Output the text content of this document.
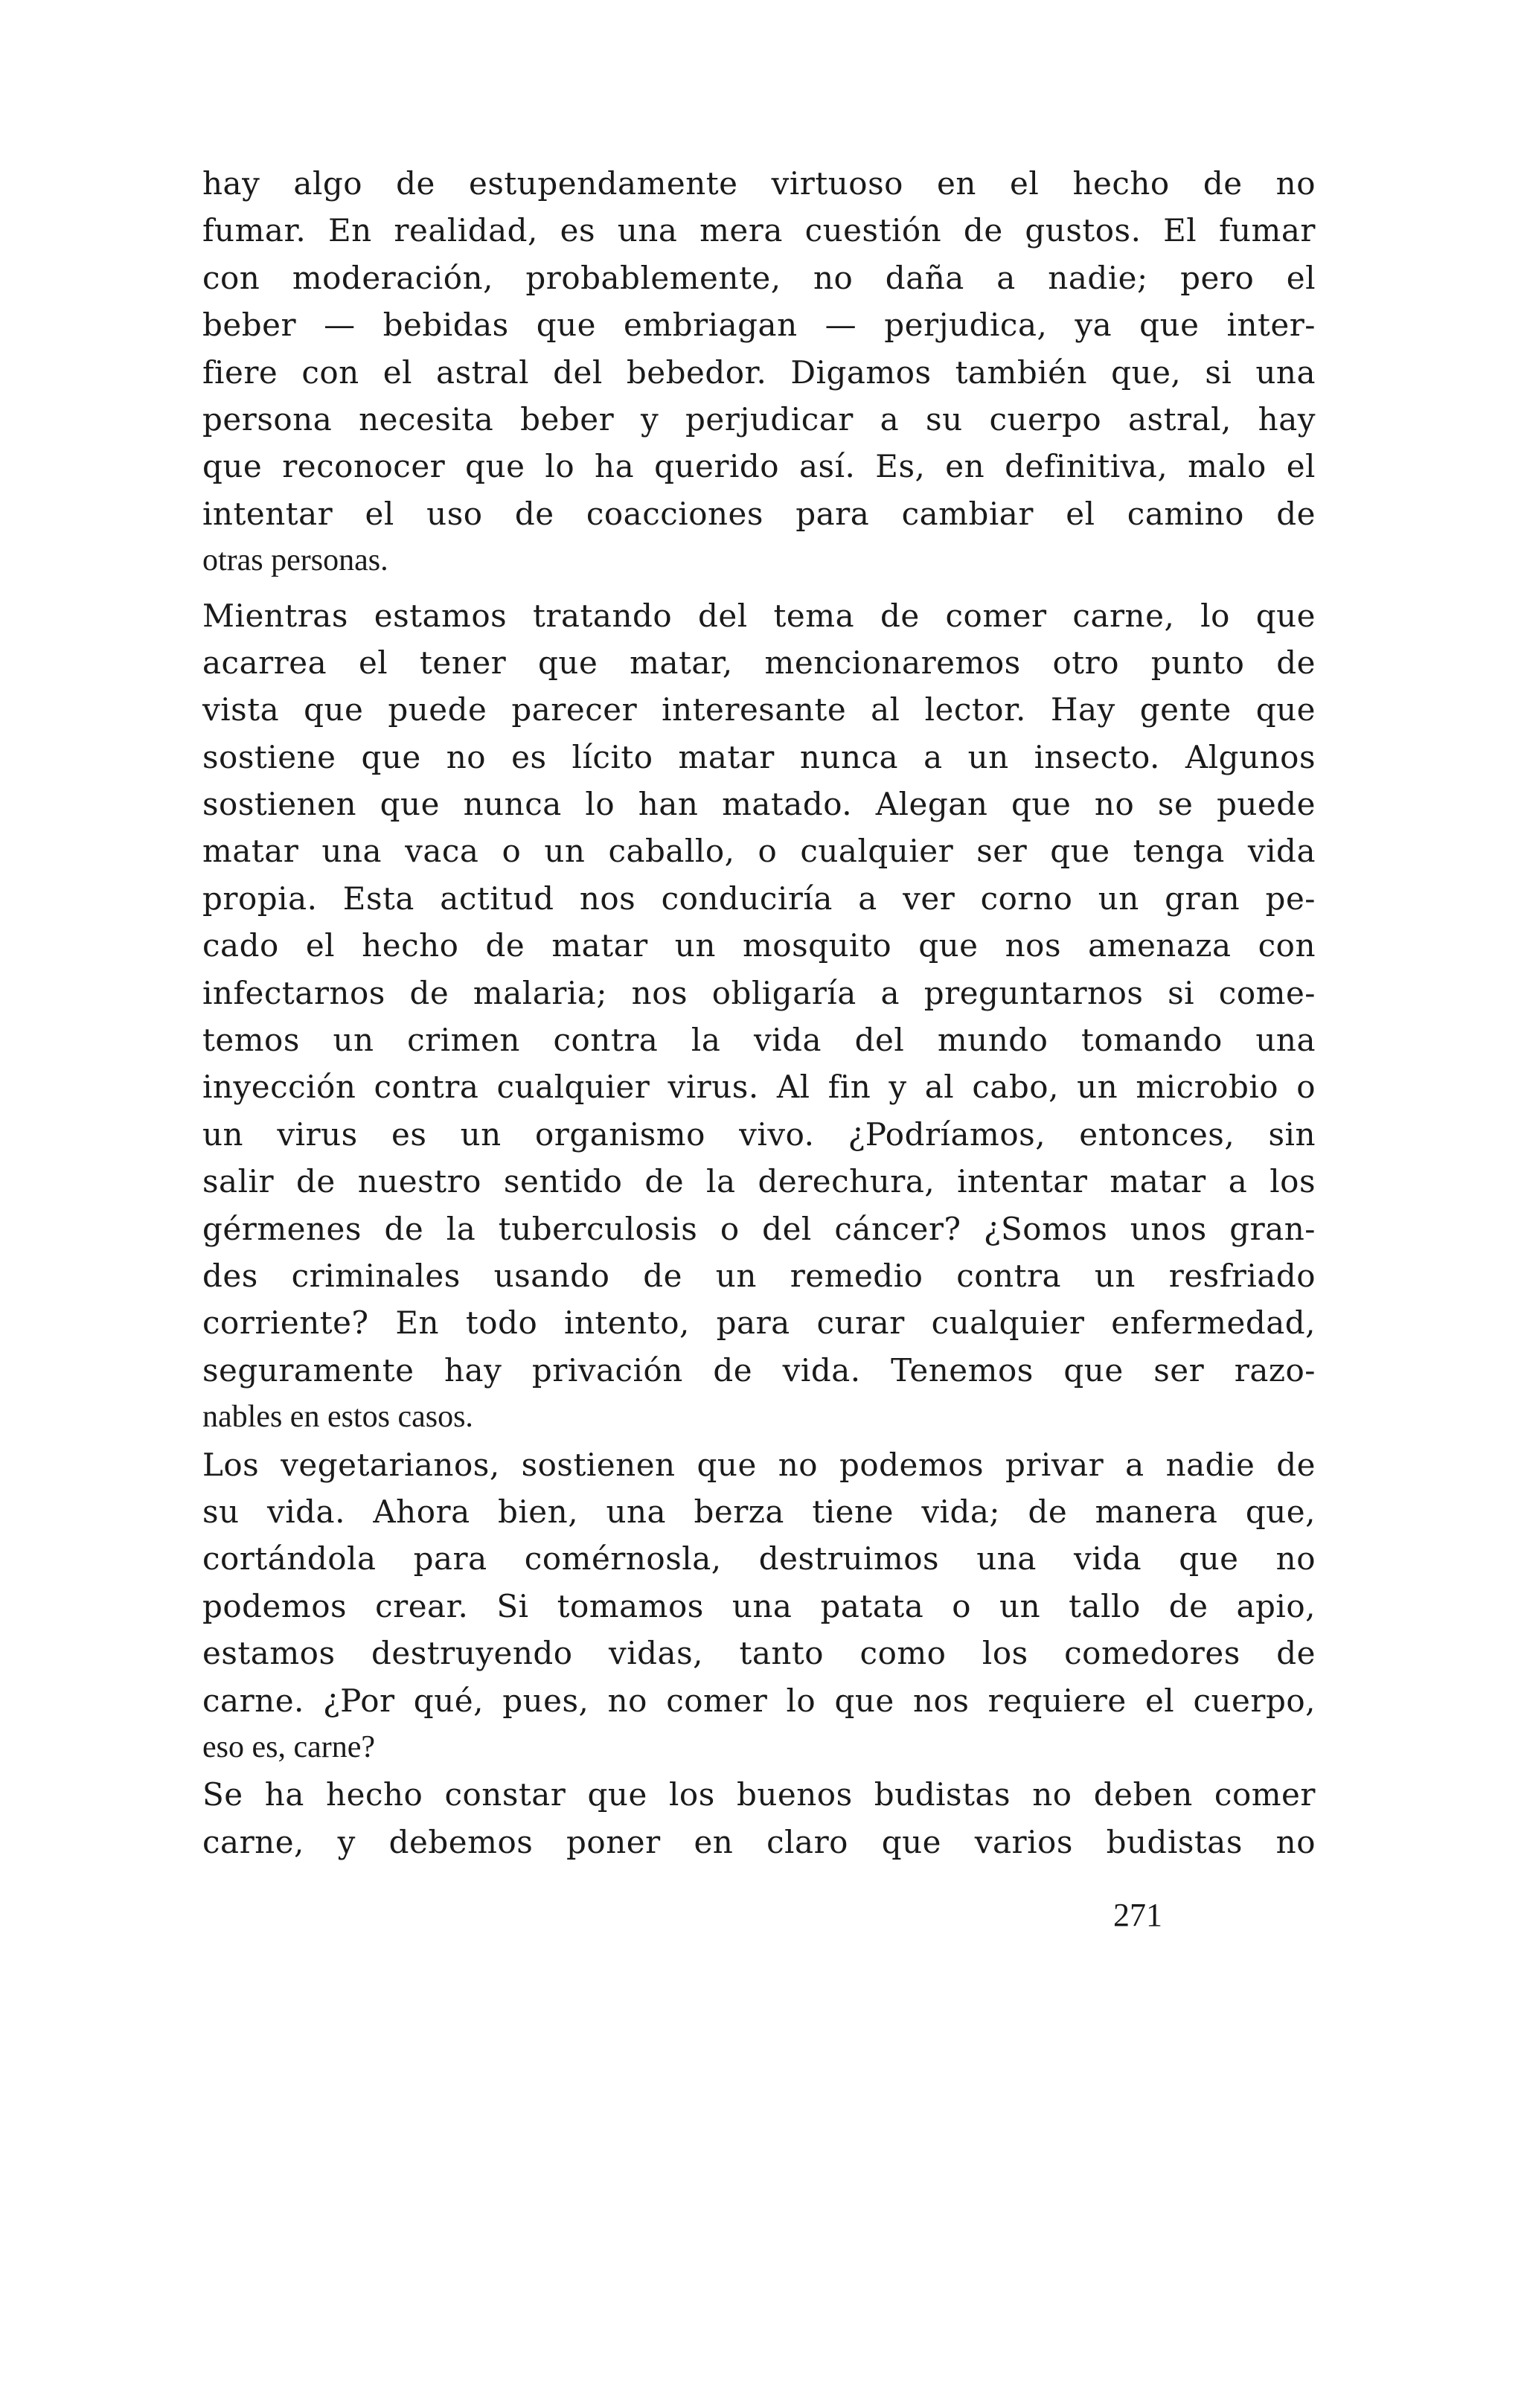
hay algo de estupendamente virtuoso en el hecho de no
fumar. En realidad, es una mera cuestión de gustos. El fumar
con moderación, probablemente, no daña a nadie; pero el
beber — bebidas que embriagan — perjudica, ya que inter-
fiere con el astral del bebedor. Digamos también que, si una
persona necesita beber y perjudicar a su cuerpo astral, hay
que reconocer que lo ha querido así. Es, en definitiva, malo el
intentar el uso de coacciones para cambiar el camino de
otras personas.
Mientras estamos tratando del tema de comer carne, lo que
acarrea el tener que matar, mencionaremos otro punto de
vista que puede parecer interesante al lector. Hay gente que
sostiene que no es lícito matar nunca a un insecto. Algunos
sostienen que nunca lo han matado. Alegan que no se puede
matar una vaca o un caballo, o cualquier ser que tenga vida
propia. Esta actitud nos conduciría a ver corno un gran pe-
cado el hecho de matar un mosquito que nos amenaza con
infectarnos de malaria; nos obligaría a preguntarnos si come-
temos un crimen contra la vida del mundo tomando una
inyección contra cualquier virus. Al fin y al cabo, un microbio o
un virus es un organismo vivo. ¿Podríamos, entonces, sin
salir de nuestro sentido de la derechura, intentar matar a los
gérmenes de la tuberculosis o del cáncer? ¿Somos unos gran-
des criminales usando de un remedio contra un resfriado
corriente? En todo intento, para curar cualquier enfermedad,
seguramente hay privación de vida. Tenemos que ser razo-
nables en estos casos.
Los vegetarianos, sostienen que no podemos privar a nadie de
su vida. Ahora bien, una berza tiene vida; de manera que,
cortándola para comérnosla, destruimos una vida que no
podemos crear. Si tomamos una patata o un tallo de apio,
estamos destruyendo vidas, tanto como los comedores de
carne. ¿Por qué, pues, no comer lo que nos requiere el cuerpo,
eso es, carne?
Se ha hecho constar que los buenos budistas no deben comer
carne, y debemos poner en claro que varios budistas no
271
